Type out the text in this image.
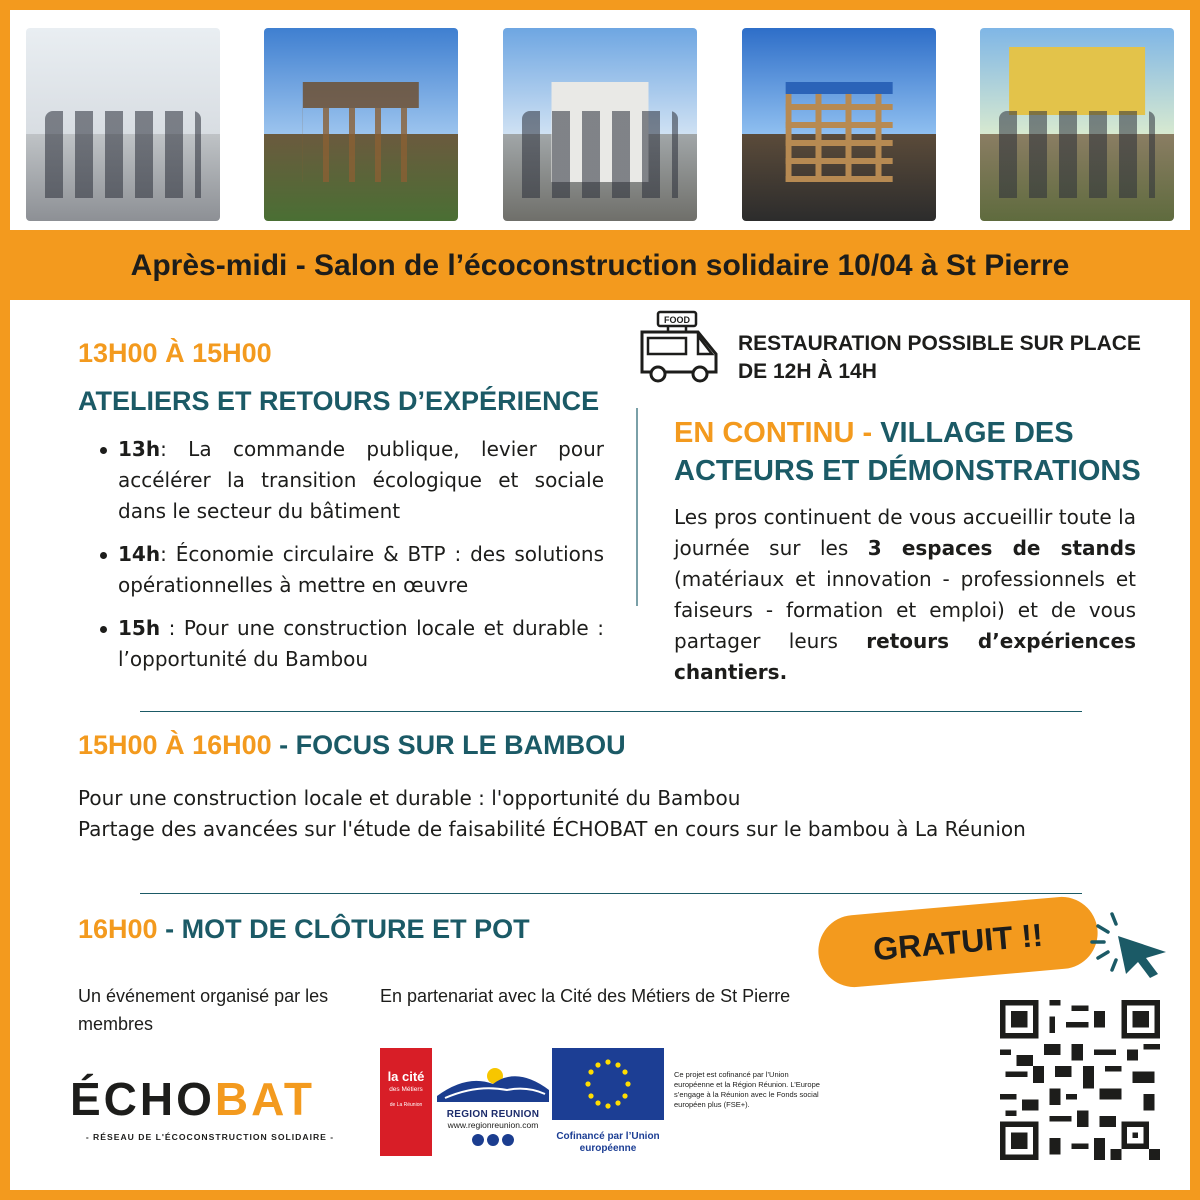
Après-midi - Salon de l’écoconstruction solidaire 10/04 à St Pierre
13H00 À 15H00
ATELIERS ET RETOURS D’EXPÉRIENCE
13h: La commande publique, levier pour accélérer la transition écologique et sociale dans le secteur du bâtiment
14h: Économie circulaire & BTP : des solutions opérationnelles à mettre en œuvre
15h : Pour une construction locale et durable : l’opportunité du Bambou
FOOD
RESTAURATION POSSIBLE SUR PLACE
DE 12H À 14H
EN CONTINU - VILLAGE DES ACTEURS ET DÉMONSTRATIONS
Les pros continuent de vous accueillir toute la journée sur les 3 espaces de stands (matériaux et innovation - professionnels et faiseurs - formation et emploi) et de vous partager leurs retours d’expériences chantiers.
15H00 À 16H00 - FOCUS SUR LE BAMBOU
Pour une construction locale et durable : l'opportunité du Bambou
Partage des avancées sur l'étude de faisabilité ÉCHOBAT en cours sur le bambou à La Réunion
16H00 - MOT DE CLÔTURE ET POT
Un événement organisé par les membres
En partenariat avec la Cité des Métiers de St Pierre
ÉCHOBAT
- RÉSEAU DE L'ÉCOCONSTRUCTION SOLIDAIRE -
la cité
des Métiers
de La Réunion
REGION REUNION
www.regionreunion.com
Cofinancé par l’Union européenne
Ce projet est cofinancé par l’Union européenne et la Région Réunion. L’Europe s’engage à la Réunion avec le Fonds social européen plus (FSE+).
GRATUIT !!
